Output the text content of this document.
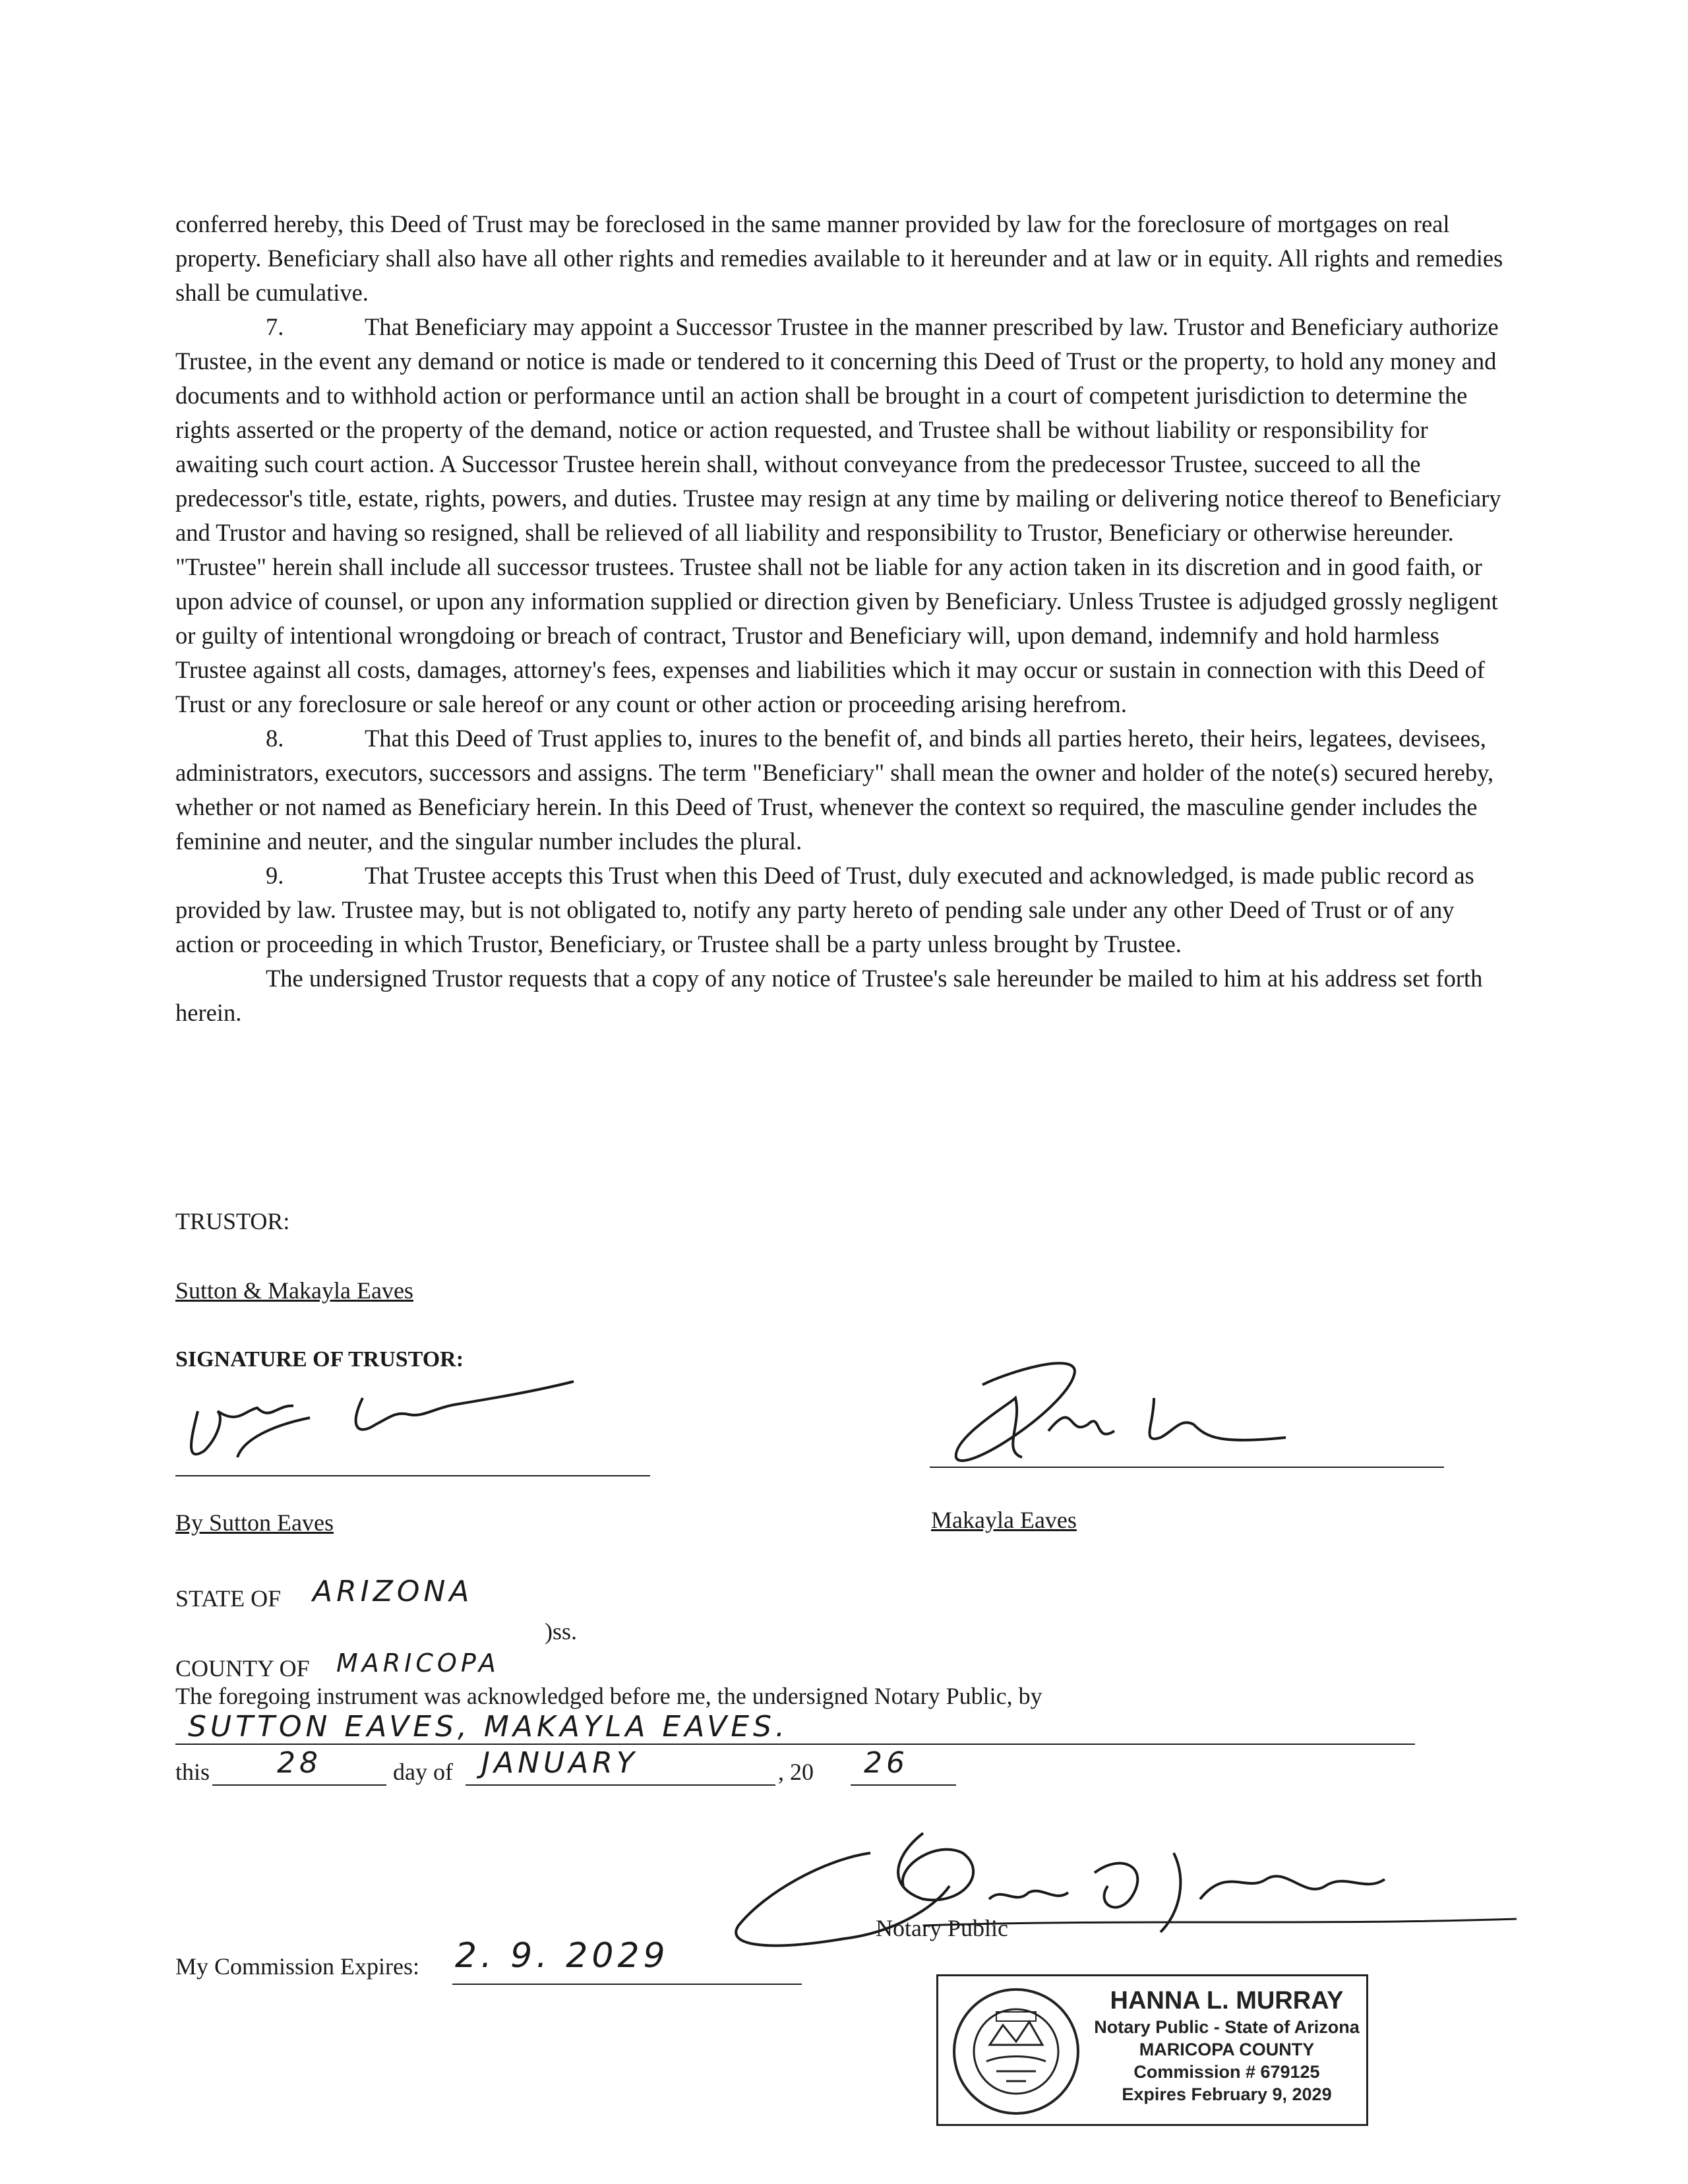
conferred hereby, this Deed of Trust may be foreclosed in the same manner provided by law for the foreclosure of mortgages on real property. Beneficiary shall also have all other rights and remedies available to it hereunder and at law or in equity. All rights and remedies shall be cumulative.

7.	That Beneficiary may appoint a Successor Trustee in the manner prescribed by law. Trustor and Beneficiary authorize Trustee, in the event any demand or notice is made or tendered to it concerning this Deed of Trust or the property, to hold any money and documents and to withhold action or performance until an action shall be brought in a court of competent jurisdiction to determine the rights asserted or the property of the demand, notice or action requested, and Trustee shall be without liability or responsibility for awaiting such court action. A Successor Trustee herein shall, without conveyance from the predecessor Trustee, succeed to all the predecessor's title, estate, rights, powers, and duties. Trustee may resign at any time by mailing or delivering notice thereof to Beneficiary and Trustor and having so resigned, shall be relieved of all liability and responsibility to Trustor, Beneficiary or otherwise hereunder. "Trustee" herein shall include all successor trustees. Trustee shall not be liable for any action taken in its discretion and in good faith, or upon advice of counsel, or upon any information supplied or direction given by Beneficiary. Unless Trustee is adjudged grossly negligent or guilty of intentional wrongdoing or breach of contract, Trustor and Beneficiary will, upon demand, indemnify and hold harmless Trustee against all costs, damages, attorney's fees, expenses and liabilities which it may occur or sustain in connection with this Deed of Trust or any foreclosure or sale hereof or any count or other action or proceeding arising herefrom.

8.	That this Deed of Trust applies to, inures to the benefit of, and binds all parties hereto, their heirs, legatees, devisees, administrators, executors, successors and assigns. The term "Beneficiary" shall mean the owner and holder of the note(s) secured hereby, whether or not named as Beneficiary herein. In this Deed of Trust, whenever the context so required, the masculine gender includes the feminine and neuter, and the singular number includes the plural.

9.	That Trustee accepts this Trust when this Deed of Trust, duly executed and acknowledged, is made public record as provided by law. Trustee may, but is not obligated to, notify any party hereto of pending sale under any other Deed of Trust or of any action or proceeding in which Trustor, Beneficiary, or Trustee shall be a party unless brought by Trustee.

The undersigned Trustor requests that a copy of any notice of Trustee's sale hereunder be mailed to him at his address set forth herein.

TRUSTOR:
Sutton & Makayla Eaves
SIGNATURE OF TRUSTOR:
By Sutton Eaves	Makayla Eaves
STATE OF ARIZONA
)ss.
COUNTY OF MARICOPA
The foregoing instrument was acknowledged before me, the undersigned Notary Public, by
SUTTON EAVES, MAKAYLA EAVES.
this 28	day of JANUARY	, 20 26
Notary Public
My Commission Expires: 2. 9. 2029
HANNA L. MURRAY
Notary Public - State of Arizona
MARICOPA COUNTY
Commission # 679125
Expires February 9, 2029
